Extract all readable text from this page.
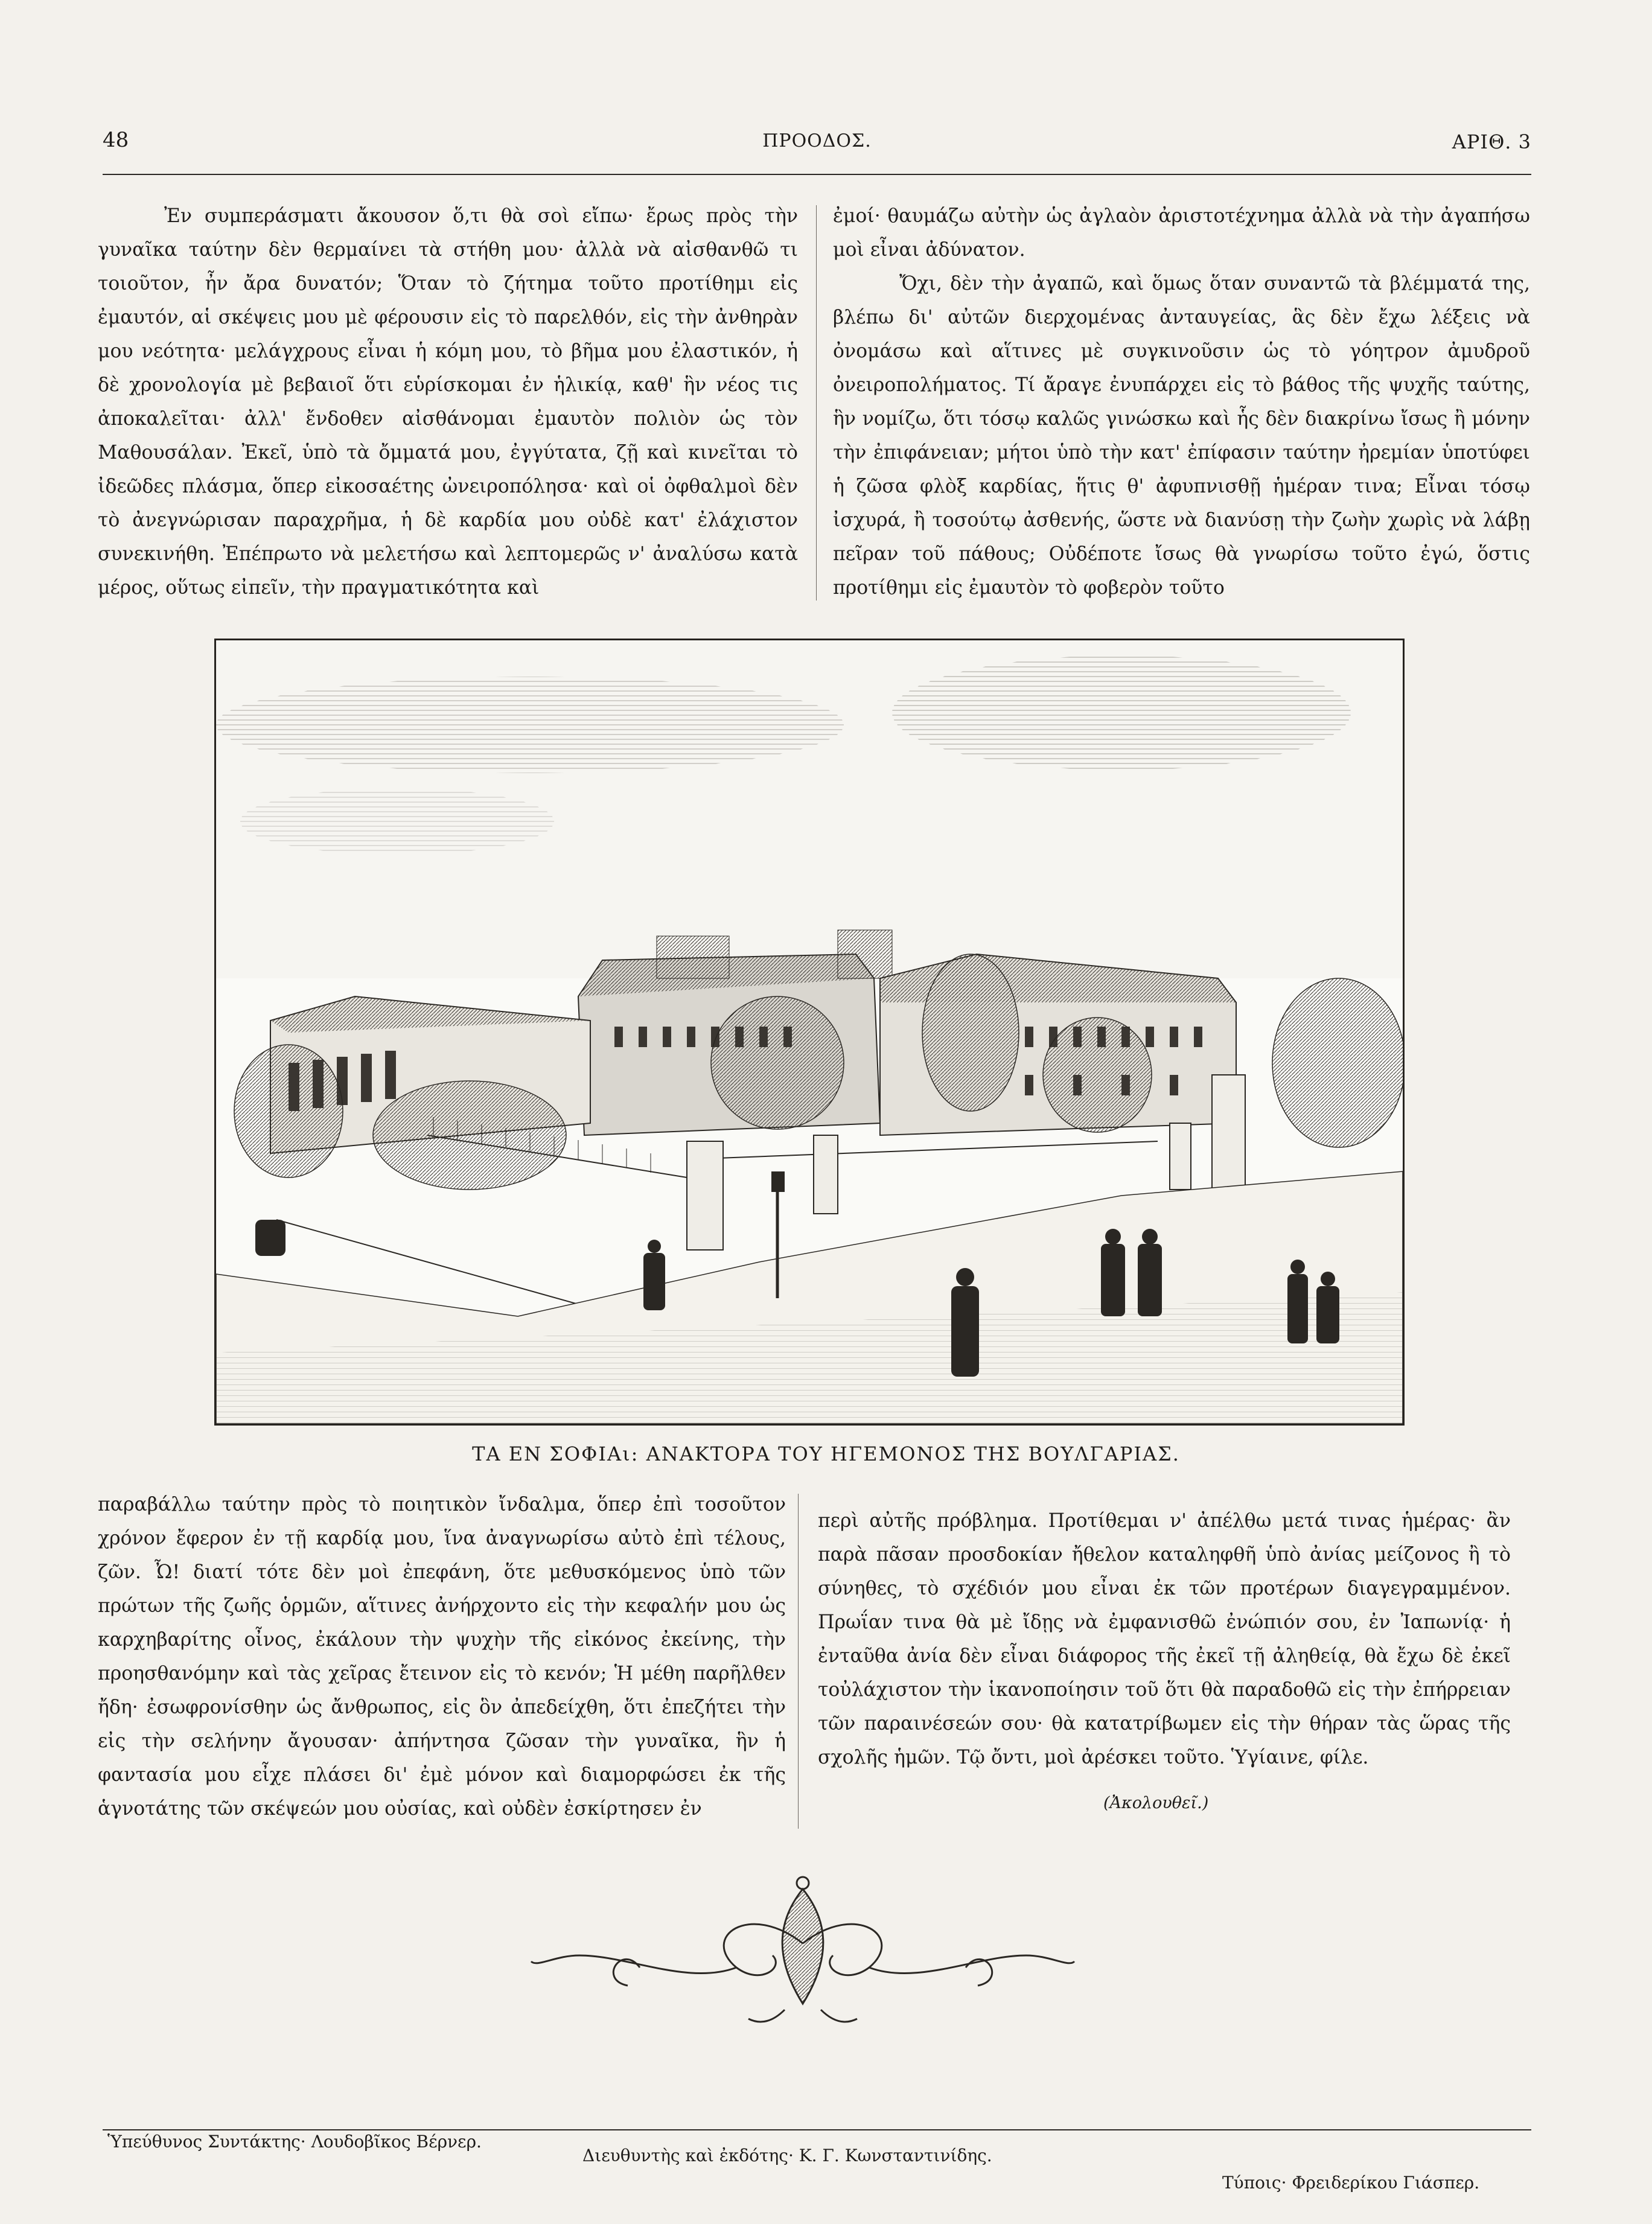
48	ΠΡΟΟΔΟΣ.	ΑΡΙΘ. 3

Ἐν συμπεράσματι ἄκουσον ὅ,τι θὰ σοὶ εἴπω· ἔρως πρὸς τὴν γυναῖκα ταύτην δὲν θερμαίνει τὰ στήθη μου· ἀλλὰ νὰ αἰσθανθῶ τι τοιοῦτον, ἦν ἄρα δυνατόν; Ὅταν τὸ ζήτημα τοῦτο προτίθημι εἰς ἐμαυτόν, αἱ σκέψεις μου μὲ φέρουσιν εἰς τὸ παρελθόν, εἰς τὴν ἀνθηρὰν μου νεότητα· μελάγχρους εἶναι ἡ κόμη μου, τὸ βῆμα μου ἐλαστικόν, ἡ δὲ χρονολογία μὲ βεβαιοῖ ὅτι εὑρίσκομαι ἐν ἡλικίᾳ, καθ' ἣν νέος τις ἀποκαλεῖται· ἀλλ' ἔνδοθεν αἰσθάνομαι ἐμαυτὸν πολιὸν ὡς τὸν Μαθουσάλαν. Ἐκεῖ, ὑπὸ τὰ ὄμματά μου, ἐγγύτατα, ζῇ καὶ κινεῖται τὸ ἰδεῶδες πλάσμα, ὅπερ εἰκοσαέτης ὠνειροπόλησα· καὶ οἱ ὀφθαλμοὶ δὲν τὸ ἀνεγνώρισαν παραχρῆμα, ἡ δὲ καρδία μου οὐδὲ κατ' ἐλάχιστον συνεκινήθη. Ἐπέπρωτο νὰ μελετήσω καὶ λεπτομερῶς ν' ἀναλύσω κατὰ μέρος, οὕτως εἰπεῖν, τὴν πραγματικότητα καὶ

ἐμοί· θαυμάζω αὐτὴν ὡς ἀγλαὸν ἀριστοτέχνημα ἀλλὰ νὰ τὴν ἀγαπήσω μοὶ εἶναι ἀδύνατον.

Ὄχι, δὲν τὴν ἀγαπῶ, καὶ ὅμως ὅταν συναντῶ τὰ βλέμματά της, βλέπω δι' αὐτῶν διερχομένας ἀνταυγείας, ἃς δὲν ἔχω λέξεις νὰ ὀνομάσω καὶ αἵτινες μὲ συγκινοῦσιν ὡς τὸ γόητρον ἀμυδροῦ ὀνειροπολήματος. Τί ἄραγε ἐνυπάρχει εἰς τὸ βάθος τῆς ψυχῆς ταύτης, ἣν νομίζω, ὅτι τόσῳ καλῶς γινώσκω καὶ ἧς δὲν διακρίνω ἴσως ἢ μόνην τὴν ἐπιφάνειαν; μήτοι ὑπὸ τὴν κατ' ἐπίφασιν ταύτην ἠρεμίαν ὑποτύφει ἡ ζῶσα φλὸξ καρδίας, ἥτις θ' ἀφυπνισθῇ ἡμέραν τινα; Εἶναι τόσῳ ἰσχυρά, ἢ τοσούτῳ ἀσθενής, ὥστε νὰ διανύσῃ τὴν ζωὴν χωρὶς νὰ λάβῃ πεῖραν τοῦ πάθους; Οὐδέποτε ἴσως θὰ γνωρίσω τοῦτο ἐγώ, ὅστις προτίθημι εἰς ἐμαυτὸν τὸ φοβερὸν τοῦτο

ΤΑ ΕΝ ΣΟΦΙΑι: ΑΝΑΚΤΟΡΑ ΤΟΥ ΗΓΕΜΟΝΟΣ ΤΗΣ ΒΟΥΛΓΑΡΙΑΣ.

παραβάλλω ταύτην πρὸς τὸ ποιητικὸν ἴνδαλμα, ὅπερ ἐπὶ τοσοῦτον χρόνον ἔφερον ἐν τῇ καρδίᾳ μου, ἵνα ἀναγνωρίσω αὐτὸ ἐπὶ τέλους, ζῶν. Ὦ! διατί τότε δὲν μοὶ ἐπεφάνη, ὅτε μεθυσκόμενος ὑπὸ τῶν πρώτων τῆς ζωῆς ὁρμῶν, αἵτινες ἀνήρχοντο εἰς τὴν κεφαλήν μου ὡς καρχηβαρίτης οἶνος, ἐκάλουν τὴν ψυχὴν τῆς εἰκόνος ἐκείνης, τὴν προησθανόμην καὶ τὰς χεῖρας ἔτεινον εἰς τὸ κενόν; Ἡ μέθη παρῆλθεν ἤδη· ἐσωφρονίσθην ὡς ἄνθρωπος, εἰς ὃν ἀπεδείχθη, ὅτι ἐπεζήτει τὴν εἰς τὴν σελήνην ἄγουσαν· ἀπήντησα ζῶσαν τὴν γυναῖκα, ἣν ἡ φαντασία μου εἶχε πλάσει δι' ἐμὲ μόνον καὶ διαμορφώσει ἐκ τῆς ἁγνοτάτης τῶν σκέψεών μου οὐσίας, καὶ οὐδὲν ἐσκίρτησεν ἐν

περὶ αὐτῆς πρόβλημα. Προτίθεμαι ν' ἀπέλθω μετά τινας ἡμέρας· ἂν παρὰ πᾶσαν προσδοκίαν ἤθελον καταληφθῆ ὑπὸ ἀνίας μείζονος ἢ τὸ σύνηθες, τὸ σχέδιόν μου εἶναι ἐκ τῶν προτέρων διαγεγραμμένον. Πρωΐαν τινα θὰ μὲ ἴδῃς νὰ ἐμφανισθῶ ἐνώπιόν σου, ἐν Ἰαπωνίᾳ· ἡ ἐνταῦθα ἀνία δὲν εἶναι διάφορος τῆς ἐκεῖ τῇ ἀληθείᾳ, θὰ ἔχω δὲ ἐκεῖ τοὐλάχιστον τὴν ἱκανοποίησιν τοῦ ὅτι θὰ παραδοθῶ εἰς τὴν ἐπήρρειαν τῶν παραινέσεών σου· θὰ κατατρίβωμεν εἰς τὴν θήραν τὰς ὥρας τῆς σχολῆς ἡμῶν. Τῷ ὄντι, μοὶ ἀρέσκει τοῦτο. Ὑγίαινε, φίλε.

(Ἀκολουθεῖ.)
Ὑπεύθυνος Συντάκτης· Λουδοβῖκος Βέρνερ.
Διευθυντὴς καὶ ἐκδότης· Κ. Γ. Κωνσταντινίδης.
Τύποις· Φρειδερίκου Γιάσπερ.
